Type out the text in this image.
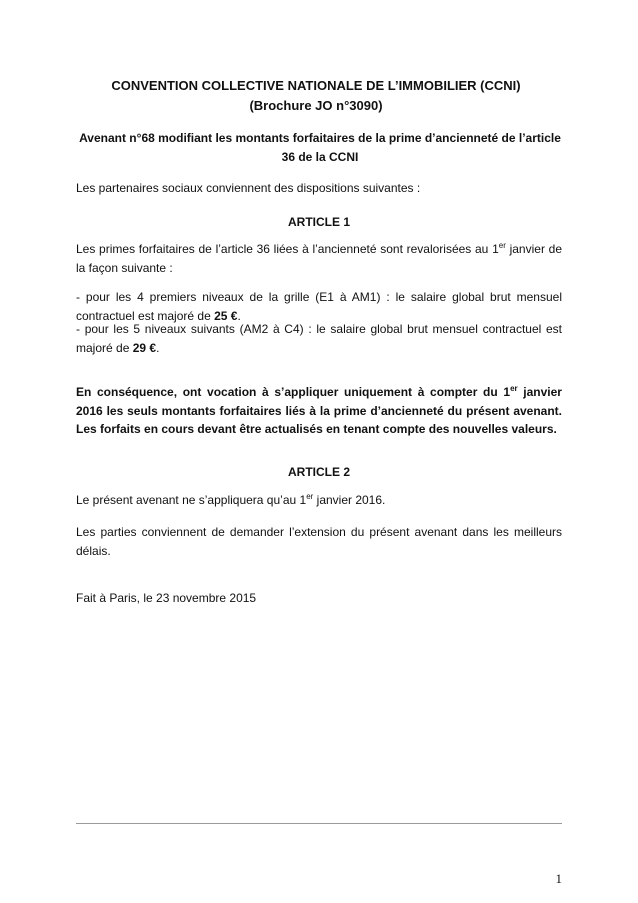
CONVENTION COLLECTIVE NATIONALE DE L’IMMOBILIER (CCNI)
(Brochure JO n°3090)
Avenant n°68 modifiant les montants forfaitaires de la prime d’ancienneté de l’article 36 de la CCNI
Les partenaires sociaux conviennent des dispositions suivantes :
ARTICLE 1
Les primes forfaitaires de l’article 36 liées à l’ancienneté sont revalorisées au 1er janvier de la façon suivante :
- pour les 4 premiers niveaux de la grille (E1 à AM1) : le salaire global brut mensuel contractuel est majoré de 25 €.
- pour les 5 niveaux suivants (AM2 à C4) : le salaire global brut mensuel contractuel est majoré de 29 €.
En conséquence, ont vocation à s’appliquer uniquement à compter du 1er janvier 2016 les seuls montants forfaitaires liés à la prime d’ancienneté du présent avenant. Les forfaits en cours devant être actualisés en tenant compte des nouvelles valeurs.
ARTICLE 2
Le présent avenant ne s’appliquera qu’au 1er janvier 2016.
Les parties conviennent de demander l’extension du présent avenant dans les meilleurs délais.
Fait à Paris, le 23 novembre 2015
1
